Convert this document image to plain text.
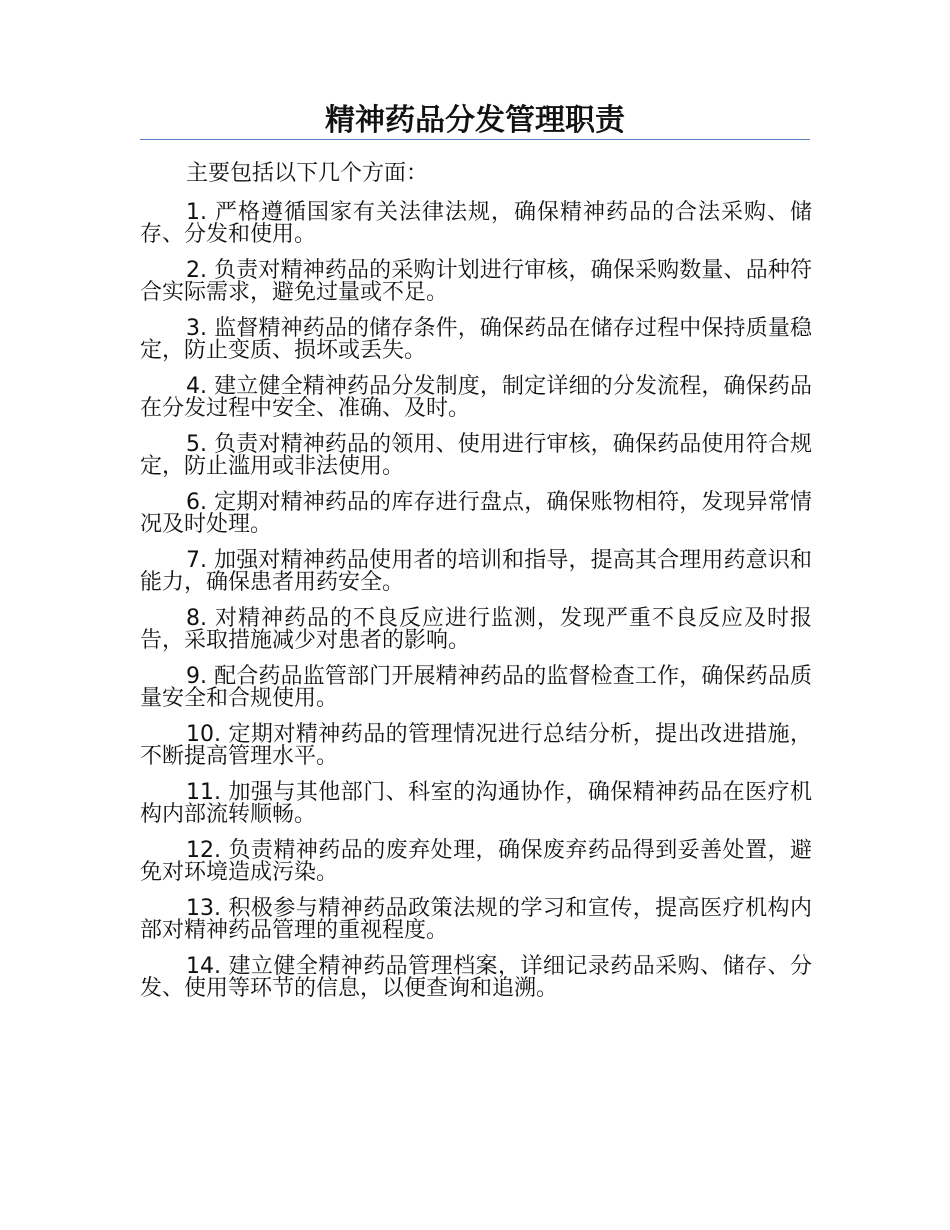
精神药品分发管理职责

主要包括以下几个方面：

1. 严格遵循国家有关法律法规，确保精神药品的合法采购、储存、分发和使用。

2. 负责对精神药品的采购计划进行审核，确保采购数量、品种符合实际需求，避免过量或不足。

3. 监督精神药品的储存条件，确保药品在储存过程中保持质量稳定，防止变质、损坏或丢失。

4. 建立健全精神药品分发制度，制定详细的分发流程，确保药品在分发过程中安全、准确、及时。

5. 负责对精神药品的领用、使用进行审核，确保药品使用符合规定，防止滥用或非法使用。

6. 定期对精神药品的库存进行盘点，确保账物相符，发现异常情况及时处理。

7. 加强对精神药品使用者的培训和指导，提高其合理用药意识和能力，确保患者用药安全。

8. 对精神药品的不良反应进行监测，发现严重不良反应及时报告，采取措施减少对患者的影响。

9. 配合药品监管部门开展精神药品的监督检查工作，确保药品质量安全和合规使用。

10. 定期对精神药品的管理情况进行总结分析，提出改进措施，不断提高管理水平。

11. 加强与其他部门、科室的沟通协作，确保精神药品在医疗机构内部流转顺畅。

12. 负责精神药品的废弃处理，确保废弃药品得到妥善处置，避免对环境造成污染。

13. 积极参与精神药品政策法规的学习和宣传，提高医疗机构内部对精神药品管理的重视程度。

14. 建立健全精神药品管理档案，详细记录药品采购、储存、分发、使用等环节的信息，以便查询和追溯。
